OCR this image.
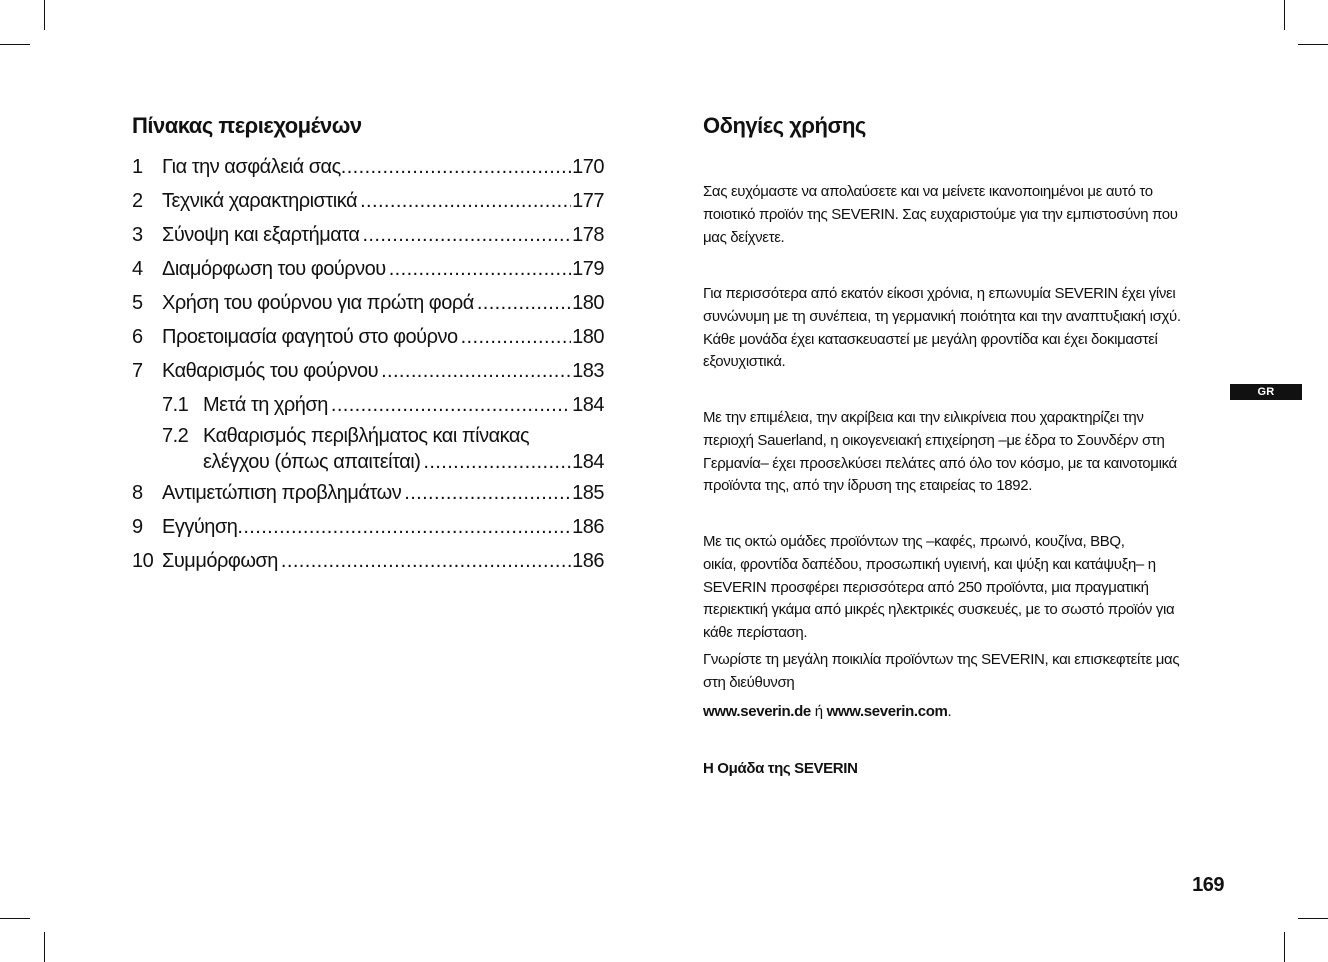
Πίνακας περιεχομένων
1 Για την ασφάλειά σας .....	170
2 Τεχνικά χαρακτηριστικά .....	177
3 Σύνοψη και εξαρτήματα .....	178
4 Διαμόρφωση του φούρνου .....	179
5 Χρήση του φούρνου για πρώτη φορά .....	180
6 Προετοιμασία φαγητού στο φούρνο .....	180
7 Καθαρισμός του φούρνου .....	183
7.1 Μετά τη χρήση .....	184
7.2 Καθαρισμός περιβλήματος και πίνακας
ελέγχου (όπως απαιτείται) .....	184
8 Αντιμετώπιση προβλημάτων .....	185
9 Εγγύηση .....	186
10 Συμμόρφωση .....	186
Οδηγίες χρήσης
Σας ευχόμαστε να απολαύσετε και να μείνετε ικανοποιημένοι με αυτό το
ποιοτικό προϊόν της SEVERIN. Σας ευχαριστούμε για την εμπιστοσύνη που
μας δείχνετε.
Για περισσότερα από εκατόν είκοσι χρόνια, η επωνυμία SEVERIN έχει γίνει
συνώνυμη με τη συνέπεια, τη γερμανική ποιότητα και την αναπτυξιακή ισχύ.
Κάθε μονάδα έχει κατασκευαστεί με μεγάλη φροντίδα και έχει δοκιμαστεί
εξονυχιστικά.
Με την επιμέλεια, την ακρίβεια και την ειλικρίνεια που χαρακτηρίζει την
περιοχή Sauerland, η οικογενειακή επιχείρηση –με έδρα το Σουνδέρν στη
Γερμανία– έχει προσελκύσει πελάτες από όλο τον κόσμο, με τα καινοτομικά
προϊόντα της, από την ίδρυση της εταιρείας το 1892.
Με τις οκτώ ομάδες προϊόντων της –καφές, πρωινό, κουζίνα, BBQ,
οικία, φροντίδα δαπέδου, προσωπική υγιεινή, και ψύξη και κατάψυξη– η
SEVERIN προσφέρει περισσότερα από 250 προϊόντα, μια πραγματική
περιεκτική γκάμα από μικρές ηλεκτρικές συσκευές, με το σωστό προϊόν για
κάθε περίσταση.
Γνωρίστε τη μεγάλη ποικιλία προϊόντων της SEVERIN, και επισκεφτείτε μας
στη διεύθυνση
www.severin.de ή www.severin.com.
Η Ομάδα της SEVERIN
GR
169
